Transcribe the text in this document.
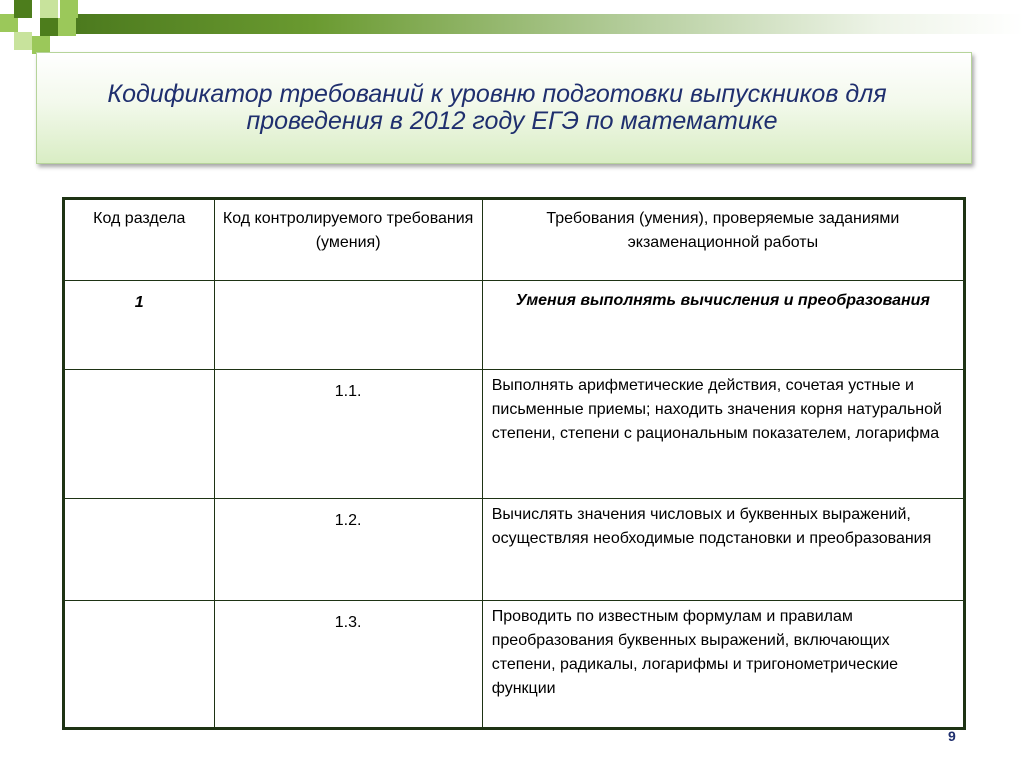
Кодификатор требований к уровню подготовки выпускников для
проведения в 2012 году ЕГЭ по математике
Код раздела	Код контролируемого требования (умения)	Требования (умения), проверяемые заданиями экзаменационной работы
1		Умения выполнять вычисления и преобразования
	1.1.	Выполнять арифметические действия, сочетая устные и письменные приемы; находить значения корня натуральной степени, степени с рациональным показателем, логарифма
	1.2.	Вычислять значения числовых и буквенных выражений, осуществляя необходимые подстановки и преобразования
	1.3.	Проводить по известным формулам и правилам преобразования буквенных выражений, включающих степени, радикалы, логарифмы и тригонометрические функции
9
